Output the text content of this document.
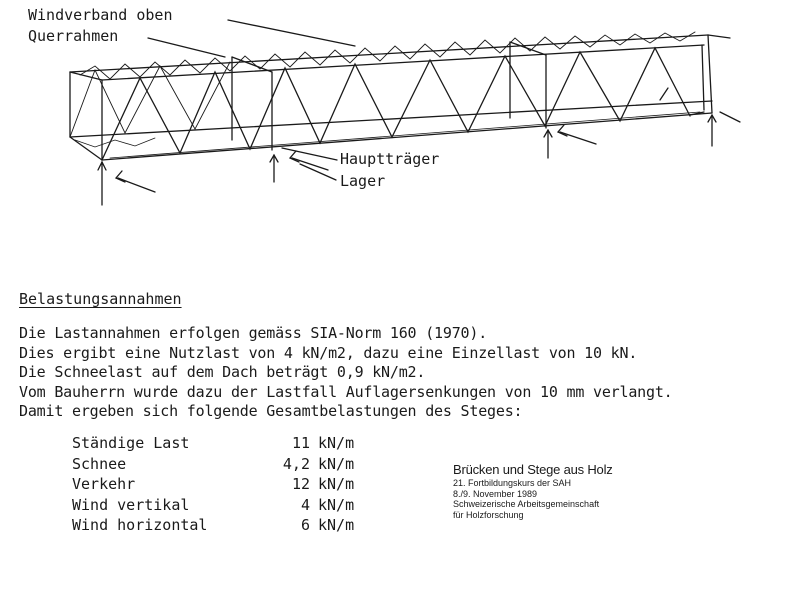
Windverband oben
Querrahmen
Hauptträger
Lager
Belastungsannahmen
Die Lastannahmen erfolgen gemäss SIA-Norm 160 (1970).
Dies ergibt eine Nutzlast von 4 kN/m2, dazu eine Einzellast von 10 kN.
Die Schneelast auf dem Dach beträgt 0,9 kN/m2.
Vom Bauherrn wurde dazu der Lastfall Auflagersenkungen von 10 mm verlangt.
Damit ergeben sich folgende Gesamtbelastungen des Steges:
Ständige Last	11 kN/m
Schnee	4,2 kN/m
Verkehr	12 kN/m
Wind vertikal	4 kN/m
Wind horizontal	6 kN/m
Brücken und Stege aus Holz
21. Fortbildungskurs der SAH
8./9. November 1989
Schweizerische Arbeitsgemeinschaft
für Holzforschung
